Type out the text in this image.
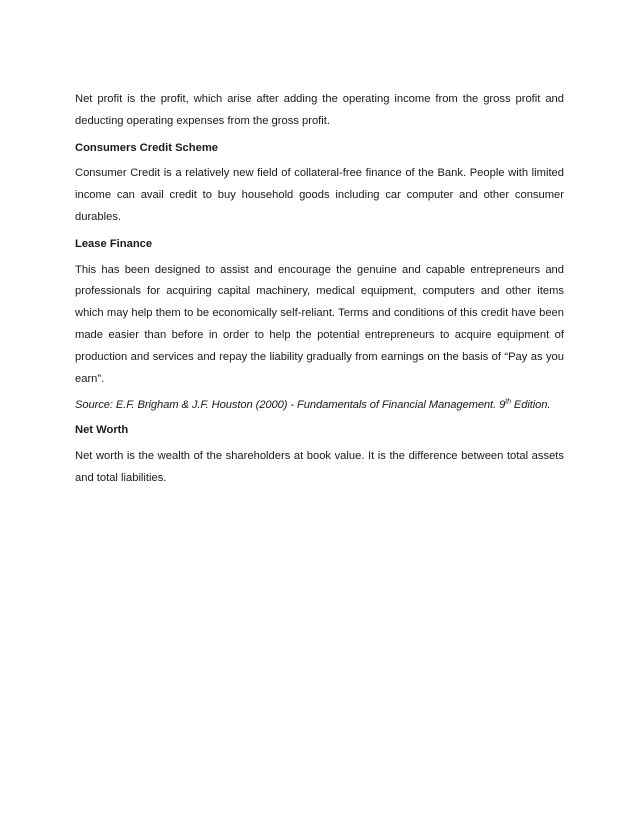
Net profit is the profit, which arise after adding the operating income from the gross profit and deducting operating expenses from the gross profit.

Consumers Credit Scheme

Consumer Credit is a relatively new field of collateral-free finance of the Bank. People with limited income can avail credit to buy household goods including car computer and other consumer durables.

Lease Finance

This has been designed to assist and encourage the genuine and capable entrepreneurs and professionals for acquiring capital machinery, medical equipment, computers and other items which may help them to be economically self-reliant. Terms and conditions of this credit have been made easier than before in order to help the potential entrepreneurs to acquire equipment of production and services and repay the liability gradually from earnings on the basis of “Pay as you earn”.

Source: E.F. Brigham & J.F. Houston (2000) - Fundamentals of Financial Management. 9th Edition.

Net Worth

Net worth is the wealth of the shareholders at book value. It is the difference between total assets and total liabilities.
